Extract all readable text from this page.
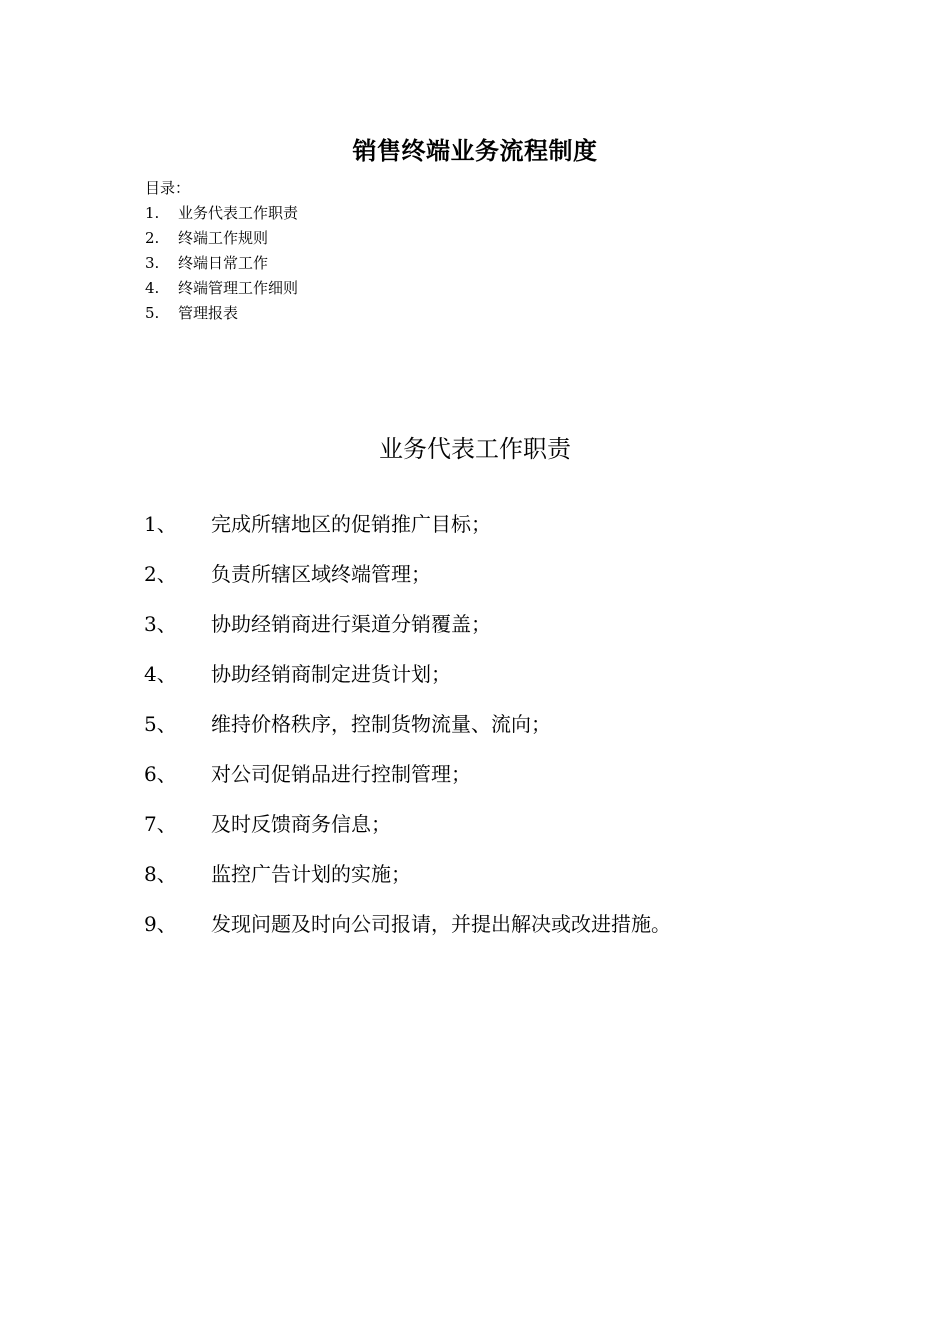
销售终端业务流程制度
目录：
1.	业务代表工作职责
2.	终端工作规则
3.	终端日常工作
4.	终端管理工作细则
5.	管理报表
业务代表工作职责
1、	完成所辖地区的促销推广目标；
2、	负责所辖区域终端管理；
3、	协助经销商进行渠道分销覆盖；
4、	协助经销商制定进货计划；
5、	维持价格秩序，控制货物流量、流向；
6、	对公司促销品进行控制管理；
7、	及时反馈商务信息；
8、	监控广告计划的实施；
9、	发现问题及时向公司报请，并提出解决或改进措施。
